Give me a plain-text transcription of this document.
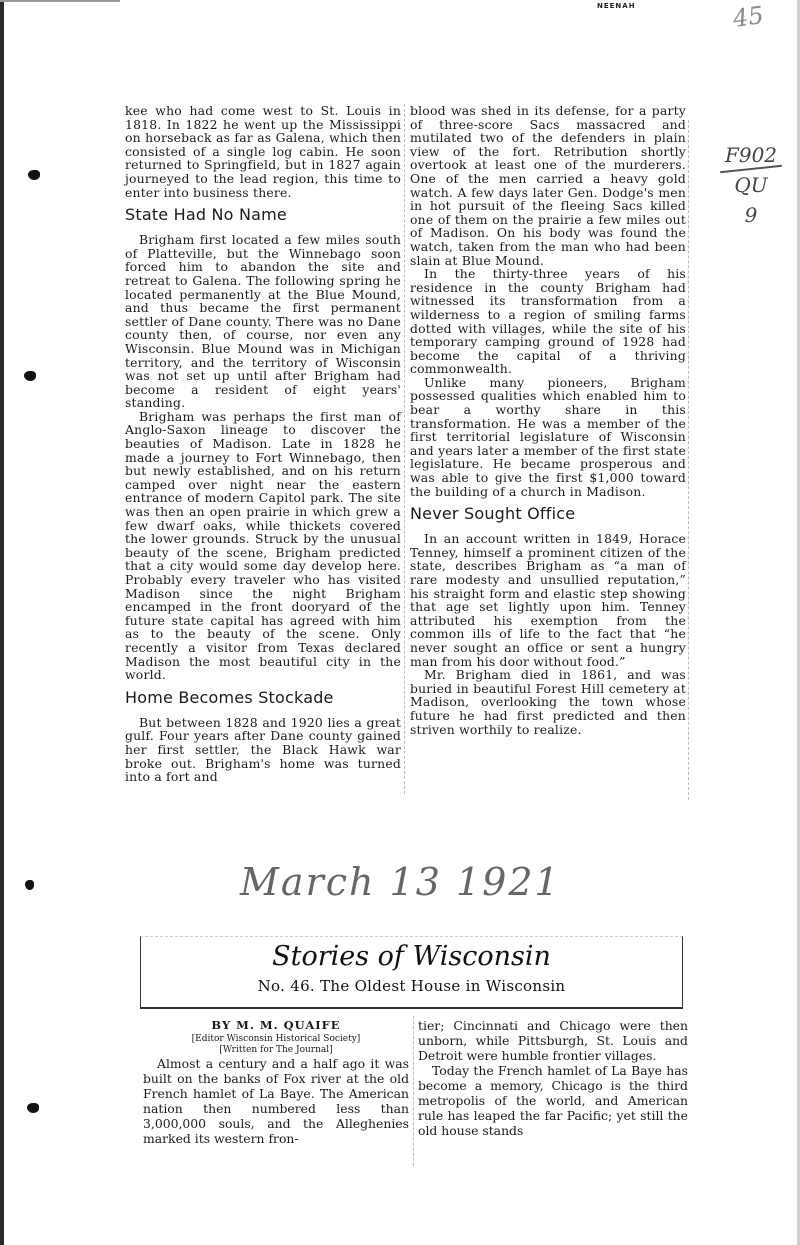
NEENAH	45
F902
QU
9

kee who had come west to St. Louis in 1818. In 1822 he went up the Mississippi on horseback as far as Galena, which then consisted of a single log cabin. He soon returned to Springfield, but in 1827 again journeyed to the lead region, this time to enter into business there.

State Had No Name

Brigham first located a few miles south of Platteville, but the Winnebago soon forced him to abandon the site and retreat to Galena. The following spring he located permanently at the Blue Mound, and thus became the first permanent settler of Dane county. There was no Dane county then, of course, nor even any Wisconsin. Blue Mound was in Michigan territory, and the territory of Wisconsin was not set up until after Brigham had become a resident of eight years' standing.

Brigham was perhaps the first man of Anglo-Saxon lineage to discover the beauties of Madison. Late in 1828 he made a journey to Fort Winnebago, then but newly established, and on his return camped over night near the eastern entrance of modern Capitol park. The site was then an open prairie in which grew a few dwarf oaks, while thickets covered the lower grounds. Struck by the unusual beauty of the scene, Brigham predicted that a city would some day develop here. Probably every traveler who has visited Madison since the night Brigham encamped in the front dooryard of the future state capital has agreed with him as to the beauty of the scene. Only recently a visitor from Texas declared Madison the most beautiful city in the world.

Home Becomes Stockade

But between 1828 and 1920 lies a great gulf. Four years after Dane county gained her first settler, the Black Hawk war broke out. Brigham's home was turned into a fort and

blood was shed in its defense, for a party of three-score Sacs massacred and mutilated two of the defenders in plain view of the fort. Retribution shortly overtook at least one of the murderers. One of the men carried a heavy gold watch. A few days later Gen. Dodge's men in hot pursuit of the fleeing Sacs killed one of them on the prairie a few miles out of Madison. On his body was found the watch, taken from the man who had been slain at Blue Mound.

In the thirty-three years of his residence in the county Brigham had witnessed its transformation from a wilderness to a region of smiling farms dotted with villages, while the site of his temporary camping ground of 1928 had become the capital of a thriving commonwealth.

Unlike many pioneers, Brigham possessed qualities which enabled him to bear a worthy share in this transformation. He was a member of the first territorial legislature of Wisconsin and years later a member of the first state legislature. He became prosperous and was able to give the first $1,000 toward the building of a church in Madison.

Never Sought Office

In an account written in 1849, Horace Tenney, himself a prominent citizen of the state, describes Brigham as “a man of rare modesty and unsullied reputation,” his straight form and elastic step showing that age set lightly upon him. Tenney attributed his exemption from the common ills of life to the fact that “he never sought an office or sent a hungry man from his door without food.”

Mr. Brigham died in 1861, and was buried in beautiful Forest Hill cemetery at Madison, overlooking the town whose future he had first predicted and then striven worthily to realize.

March 13 1921
Stories of Wisconsin
No. 46. The Oldest House in Wisconsin
BY M. M. QUAIFE
[Editor Wisconsin Historical Society]
[Written for The Journal]

Almost a century and a half ago it was built on the banks of Fox river at the old French hamlet of La Baye. The American nation then numbered less than 3,000,000 souls, and the Alleghenies marked its western fron-

tier; Cincinnati and Chicago were then unborn, while Pittsburgh, St. Louis and Detroit were humble frontier villages.

Today the French hamlet of La Baye has become a memory, Chicago is the third metropolis of the world, and American rule has leaped the far Pacific; yet still the old house stands
